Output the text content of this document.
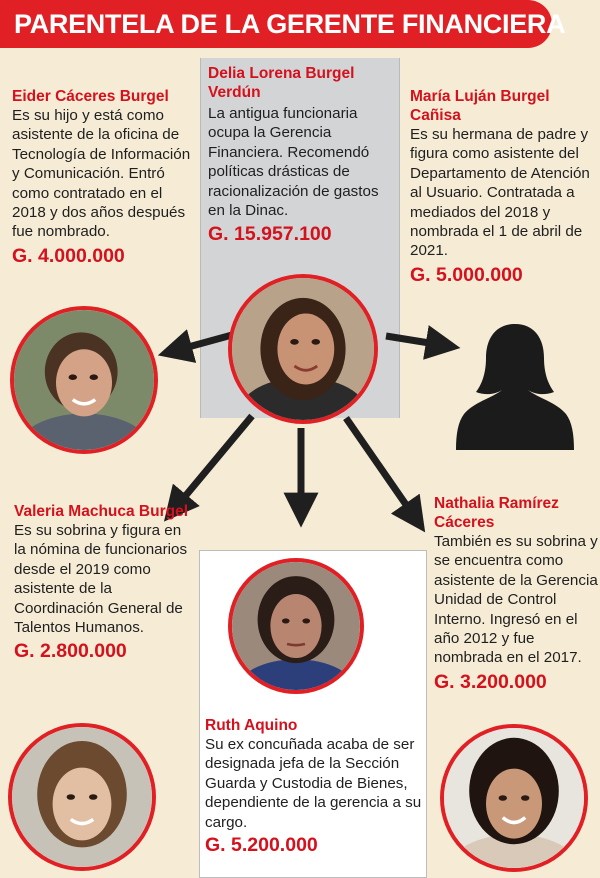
PARENTELA DE LA GERENTE FINANCIERA
Delia Lorena Burgel Verdún
La antigua funcionaria ocupa la Gerencia Financiera. Recomendó políticas drásticas de racionalización de gastos en la Dinac.
G. 15.957.100
Eider Cáceres Burgel
Es su hijo y está como asistente de la oficina de Tecnología de Información y Comunicación. Entró como contratado en el 2018 y dos años después fue nombrado.
G. 4.000.000
María Luján Burgel Cañisa
Es su hermana de padre y figura como asistente del Departamento de Atención al Usuario. Contratada a mediados del 2018 y nombrada el 1 de abril de 2021.
G. 5.000.000
Valeria Machuca Burgel
Es su sobrina y figura en la nómina de funcionarios desde el 2019 como asistente de la Coordinación General de Talentos Humanos.
G. 2.800.000
Nathalia Ramírez Cáceres
También es su sobrina y se encuentra como asistente de la Gerencia Unidad de Control Interno. Ingresó en el año 2012 y fue nombrada en el 2017.
G. 3.200.000
Ruth Aquino
Su ex concuñada acaba de ser designada jefa de la Sección Guarda y Custodia de Bienes, dependiente de la gerencia a su cargo.
G. 5.200.000
